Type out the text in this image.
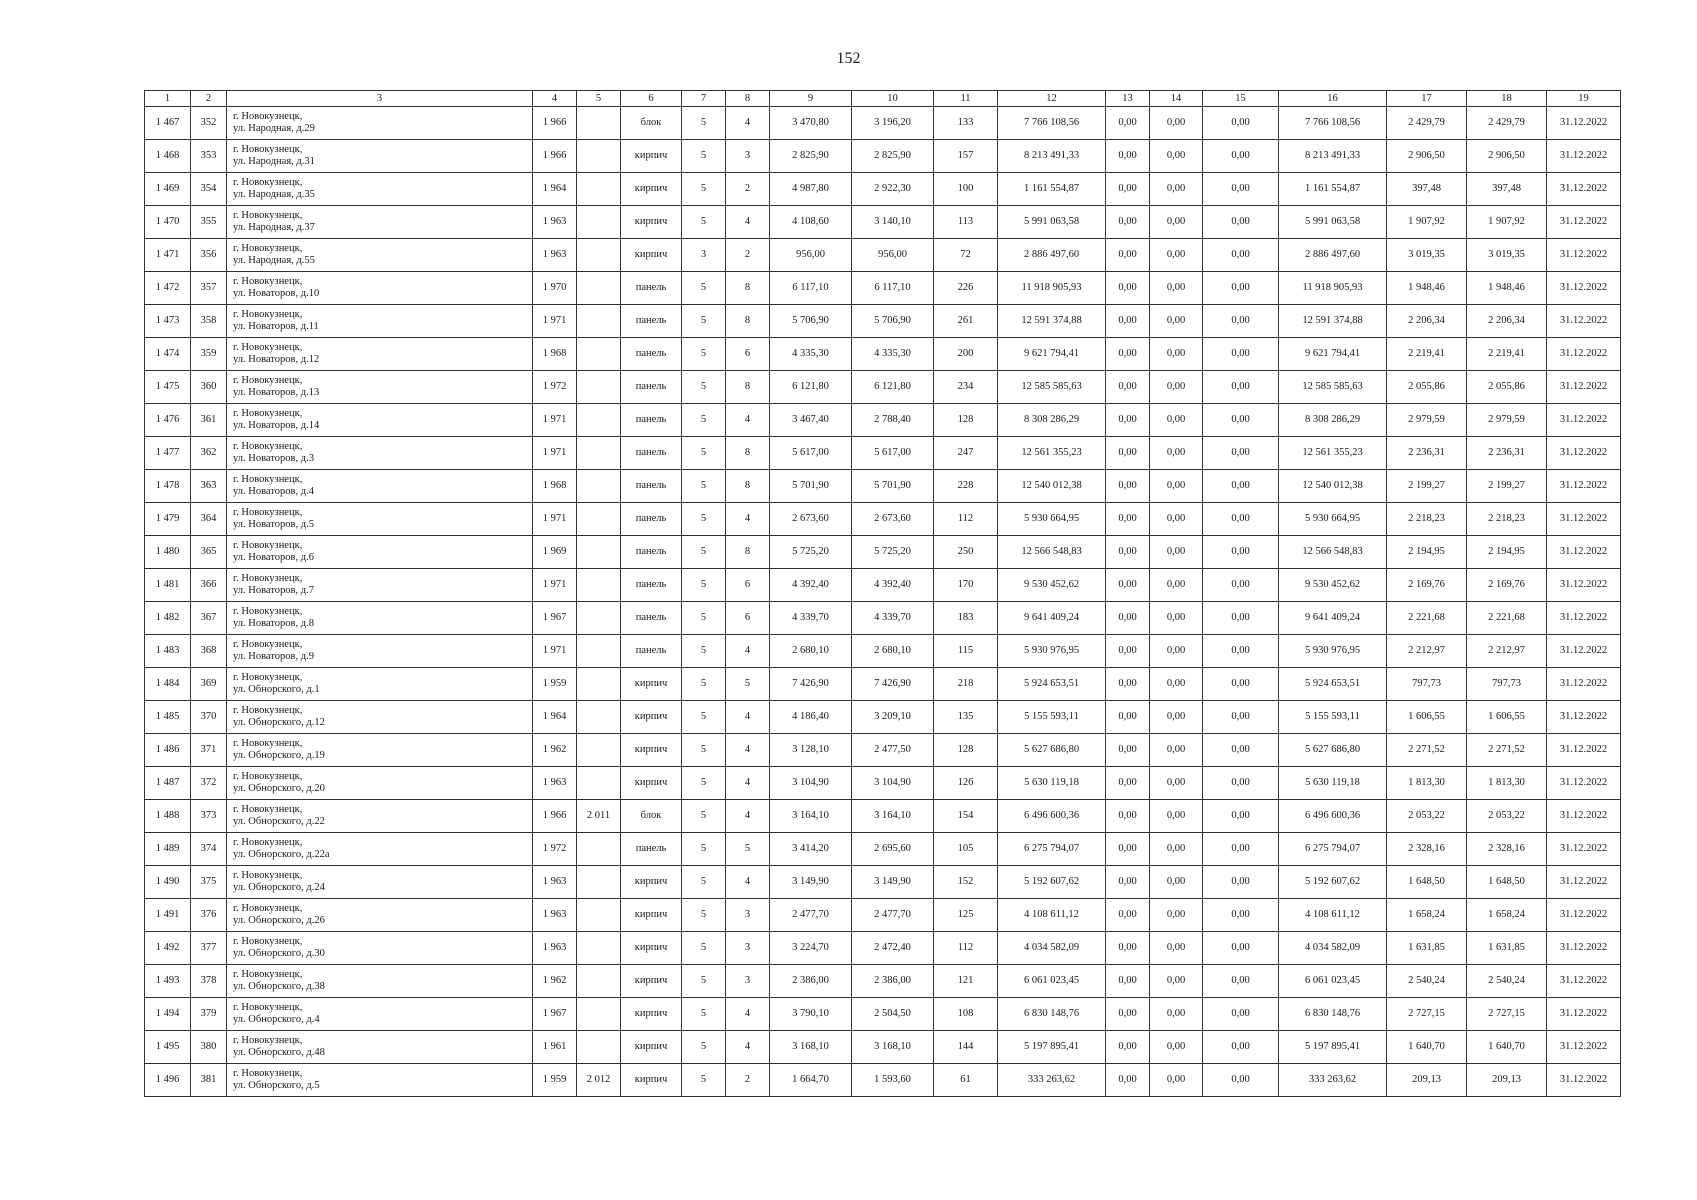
152
1	2	3	4	5	6	7	8	9	10	11	12	13	14	15	16	17	18	19
1 467	352	г. Новокузнецк,
ул. Народная, д.29	1 966		блок	5	4	3 470,80	3 196,20	133	7 766 108,56	0,00	0,00	0,00	7 766 108,56	2 429,79	2 429,79	31.12.2022
1 468	353	г. Новокузнецк,
ул. Народная, д.31	1 966		кирпич	5	3	2 825,90	2 825,90	157	8 213 491,33	0,00	0,00	0,00	8 213 491,33	2 906,50	2 906,50	31.12.2022
1 469	354	г. Новокузнецк,
ул. Народная, д.35	1 964		кирпич	5	2	4 987,80	2 922,30	100	1 161 554,87	0,00	0,00	0,00	1 161 554,87	397,48	397,48	31.12.2022
1 470	355	г. Новокузнецк,
ул. Народная, д.37	1 963		кирпич	5	4	4 108,60	3 140,10	113	5 991 063,58	0,00	0,00	0,00	5 991 063,58	1 907,92	1 907,92	31.12.2022
1 471	356	г. Новокузнецк,
ул. Народная, д.55	1 963		кирпич	3	2	956,00	956,00	72	2 886 497,60	0,00	0,00	0,00	2 886 497,60	3 019,35	3 019,35	31.12.2022
1 472	357	г. Новокузнецк,
ул. Новаторов, д.10	1 970		панель	5	8	6 117,10	6 117,10	226	11 918 905,93	0,00	0,00	0,00	11 918 905,93	1 948,46	1 948,46	31.12.2022
1 473	358	г. Новокузнецк,
ул. Новаторов, д.11	1 971		панель	5	8	5 706,90	5 706,90	261	12 591 374,88	0,00	0,00	0,00	12 591 374,88	2 206,34	2 206,34	31.12.2022
1 474	359	г. Новокузнецк,
ул. Новаторов, д.12	1 968		панель	5	6	4 335,30	4 335,30	200	9 621 794,41	0,00	0,00	0,00	9 621 794,41	2 219,41	2 219,41	31.12.2022
1 475	360	г. Новокузнецк,
ул. Новаторов, д.13	1 972		панель	5	8	6 121,80	6 121,80	234	12 585 585,63	0,00	0,00	0,00	12 585 585,63	2 055,86	2 055,86	31.12.2022
1 476	361	г. Новокузнецк,
ул. Новаторов, д.14	1 971		панель	5	4	3 467,40	2 788,40	128	8 308 286,29	0,00	0,00	0,00	8 308 286,29	2 979,59	2 979,59	31.12.2022
1 477	362	г. Новокузнецк,
ул. Новаторов, д.3	1 971		панель	5	8	5 617,00	5 617,00	247	12 561 355,23	0,00	0,00	0,00	12 561 355,23	2 236,31	2 236,31	31.12.2022
1 478	363	г. Новокузнецк,
ул. Новаторов, д.4	1 968		панель	5	8	5 701,90	5 701,90	228	12 540 012,38	0,00	0,00	0,00	12 540 012,38	2 199,27	2 199,27	31.12.2022
1 479	364	г. Новокузнецк,
ул. Новаторов, д.5	1 971		панель	5	4	2 673,60	2 673,60	112	5 930 664,95	0,00	0,00	0,00	5 930 664,95	2 218,23	2 218,23	31.12.2022
1 480	365	г. Новокузнецк,
ул. Новаторов, д.6	1 969		панель	5	8	5 725,20	5 725,20	250	12 566 548,83	0,00	0,00	0,00	12 566 548,83	2 194,95	2 194,95	31.12.2022
1 481	366	г. Новокузнецк,
ул. Новаторов, д.7	1 971		панель	5	6	4 392,40	4 392,40	170	9 530 452,62	0,00	0,00	0,00	9 530 452,62	2 169,76	2 169,76	31.12.2022
1 482	367	г. Новокузнецк,
ул. Новаторов, д.8	1 967		панель	5	6	4 339,70	4 339,70	183	9 641 409,24	0,00	0,00	0,00	9 641 409,24	2 221,68	2 221,68	31.12.2022
1 483	368	г. Новокузнецк,
ул. Новаторов, д.9	1 971		панель	5	4	2 680,10	2 680,10	115	5 930 976,95	0,00	0,00	0,00	5 930 976,95	2 212,97	2 212,97	31.12.2022
1 484	369	г. Новокузнецк,
ул. Обнорского, д.1	1 959		кирпич	5	5	7 426,90	7 426,90	218	5 924 653,51	0,00	0,00	0,00	5 924 653,51	797,73	797,73	31.12.2022
1 485	370	г. Новокузнецк,
ул. Обнорского, д.12	1 964		кирпич	5	4	4 186,40	3 209,10	135	5 155 593,11	0,00	0,00	0,00	5 155 593,11	1 606,55	1 606,55	31.12.2022
1 486	371	г. Новокузнецк,
ул. Обнорского, д.19	1 962		кирпич	5	4	3 128,10	2 477,50	128	5 627 686,80	0,00	0,00	0,00	5 627 686,80	2 271,52	2 271,52	31.12.2022
1 487	372	г. Новокузнецк,
ул. Обнорского, д.20	1 963		кирпич	5	4	3 104,90	3 104,90	126	5 630 119,18	0,00	0,00	0,00	5 630 119,18	1 813,30	1 813,30	31.12.2022
1 488	373	г. Новокузнецк,
ул. Обнорского, д.22	1 966	2 011	блок	5	4	3 164,10	3 164,10	154	6 496 600,36	0,00	0,00	0,00	6 496 600,36	2 053,22	2 053,22	31.12.2022
1 489	374	г. Новокузнецк,
ул. Обнорского, д.22а	1 972		панель	5	5	3 414,20	2 695,60	105	6 275 794,07	0,00	0,00	0,00	6 275 794,07	2 328,16	2 328,16	31.12.2022
1 490	375	г. Новокузнецк,
ул. Обнорского, д.24	1 963		кирпич	5	4	3 149,90	3 149,90	152	5 192 607,62	0,00	0,00	0,00	5 192 607,62	1 648,50	1 648,50	31.12.2022
1 491	376	г. Новокузнецк,
ул. Обнорского, д.26	1 963		кирпич	5	3	2 477,70	2 477,70	125	4 108 611,12	0,00	0,00	0,00	4 108 611,12	1 658,24	1 658,24	31.12.2022
1 492	377	г. Новокузнецк,
ул. Обнорского, д.30	1 963		кирпич	5	3	3 224,70	2 472,40	112	4 034 582,09	0,00	0,00	0,00	4 034 582,09	1 631,85	1 631,85	31.12.2022
1 493	378	г. Новокузнецк,
ул. Обнорского, д.38	1 962		кирпич	5	3	2 386,00	2 386,00	121	6 061 023,45	0,00	0,00	0,00	6 061 023,45	2 540,24	2 540,24	31.12.2022
1 494	379	г. Новокузнецк,
ул. Обнорского, д.4	1 967		кирпич	5	4	3 790,10	2 504,50	108	6 830 148,76	0,00	0,00	0,00	6 830 148,76	2 727,15	2 727,15	31.12.2022
1 495	380	г. Новокузнецк,
ул. Обнорского, д.48	1 961		кирпич	5	4	3 168,10	3 168,10	144	5 197 895,41	0,00	0,00	0,00	5 197 895,41	1 640,70	1 640,70	31.12.2022
1 496	381	г. Новокузнецк,
ул. Обнорского, д.5	1 959	2 012	кирпич	5	2	1 664,70	1 593,60	61	333 263,62	0,00	0,00	0,00	333 263,62	209,13	209,13	31.12.2022
